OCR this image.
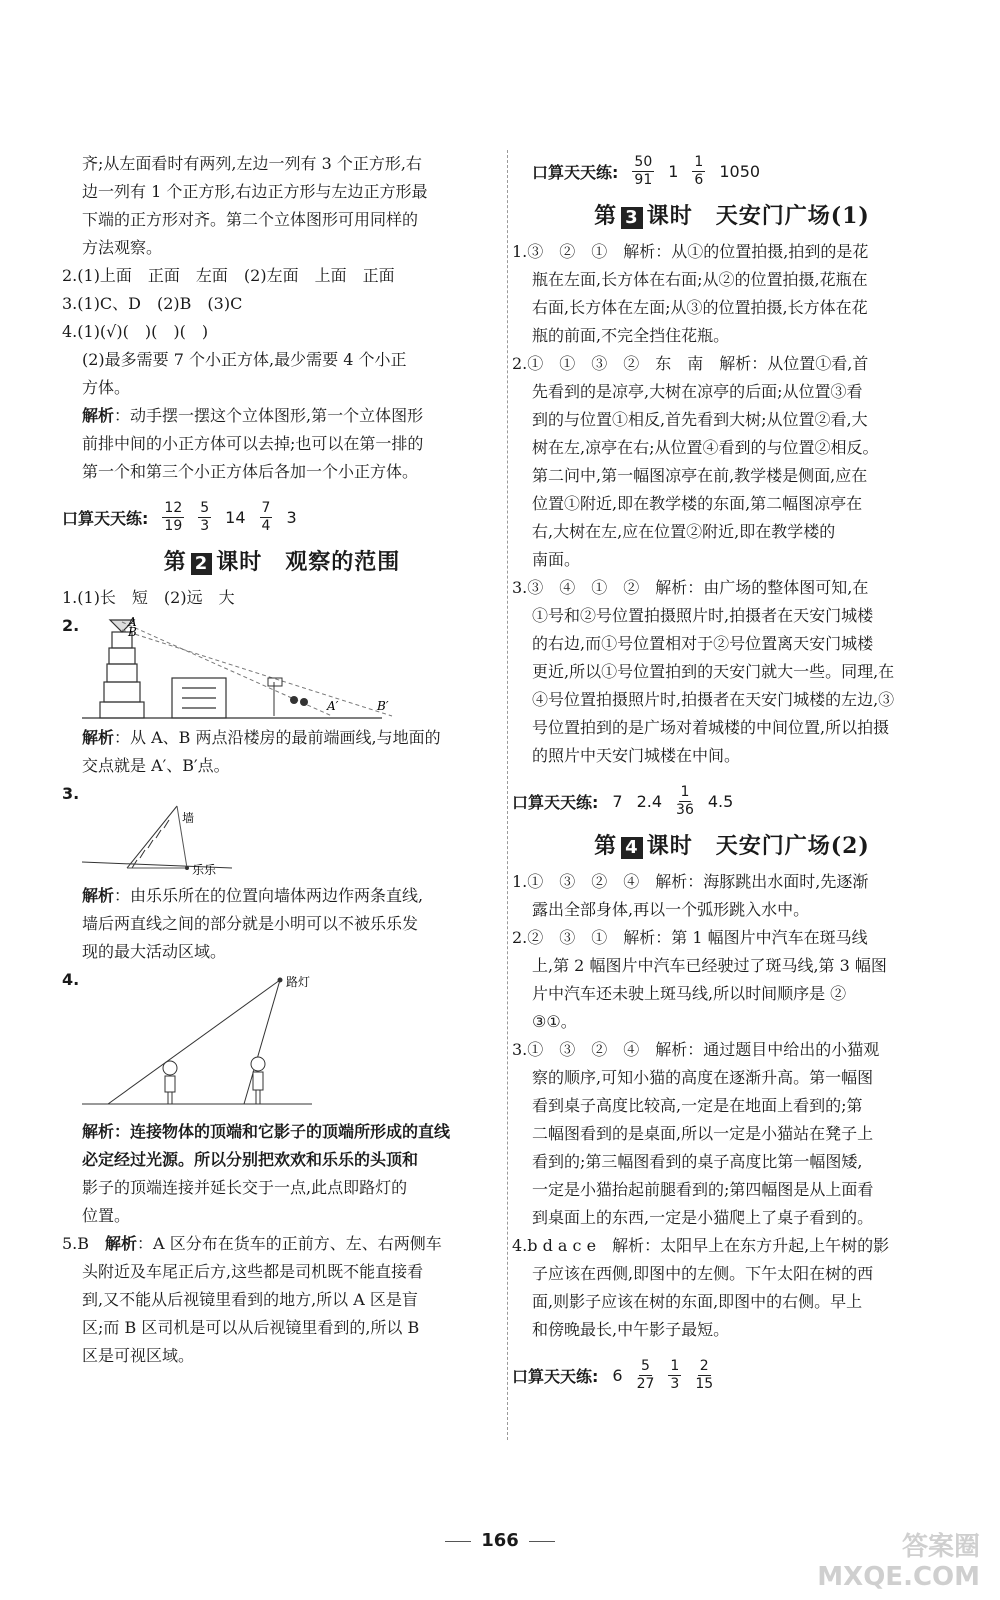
齐;从左面看时有两列,左边一列有 3 个正方形,右

边一列有 1 个正方形,右边正方形与左边正方形最

下端的正方形对齐。第二个立体图形可用同样的

方法观察。

2.(1)上面　正面　左面　(2)左面　上面　正面

3.(1)C、D　(2)B　(3)C

4.(1)(√)(　)(　)(　)

(2)最多需要 7 个小正方体,最少需要 4 个小正

方体。

解析：动手摆一摆这个立体图形,第一个立体图形

前排中间的小正方体可以去掉;也可以在第一排的

第一个和第三个小正方体后各加一个小正方体。

口算天天练: $\frac{12}{19} \frac{5}{3} 14 \frac{7}{4} 3$
第 2 课时　观察的范围

1.(1)长　短　(2)远　大

2.	A
B
A′	B′

解析：从 A、B 两点沿楼房的最前端画线,与地面的

交点就是 A′、B′点。

3.

墙
乐乐

解析：由乐乐所在的位置向墙体两边作两条直线,

墙后两直线之间的部分就是小明可以不被乐乐发

现的最大活动区域。

4.	路灯

解析：连接物体的顶端和它影子的顶端所形成的直线

必定经过光源。所以分别把欢欢和乐乐的头顶和

影子的顶端连接并延长交于一点,此点即路灯的

位置。

5.B　解析：A 区分布在货车的正前方、左、右两侧车

头附近及车尾正后方,这些都是司机既不能直接看

到,又不能从后视镜里看到的地方,所以 A 区是盲

区;而 B 区司机是可以从后视镜里看到的,所以 B

区是可视区域。

口算天天练: $\frac{50}{91} 1 \frac{1}{6} 1050$
第 3 课时　天安门广场(1)

1.③　②　①　解析：从①的位置拍摄,拍到的是花

瓶在左面,长方体在右面;从②的位置拍摄,花瓶在

右面,长方体在左面;从③的位置拍摄,长方体在花

瓶的前面,不完全挡住花瓶。

2.①　①　③　②　东　南　解析：从位置①看,首

先看到的是凉亭,大树在凉亭的后面;从位置③看

到的与位置①相反,首先看到大树;从位置②看,大

树在左,凉亭在右;从位置④看到的与位置②相反。

第二问中,第一幅图凉亭在前,教学楼是侧面,应在

位置①附近,即在教学楼的东面,第二幅图凉亭在

右,大树在左,应在位置②附近,即在教学楼的

南面。

3.③　④　①　②　解析：由广场的整体图可知,在

①号和②号位置拍摄照片时,拍摄者在天安门城楼

的右边,而①号位置相对于②号位置离天安门城楼

更近,所以①号位置拍到的天安门就大一些。同理,在

④号位置拍摄照片时,拍摄者在天安门城楼的左边,③

号位置拍到的是广场对着城楼的中间位置,所以拍摄

的照片中天安门城楼在中间。

口算天天练: 7 $2.4 \frac{1}{36} 4.5$
第 4 课时　天安门广场(2)

1.①　③　②　④　解析：海豚跳出水面时,先逐渐

露出全部身体,再以一个弧形跳入水中。

2.②　③　①　解析：第 1 幅图片中汽车在斑马线

上,第 2 幅图片中汽车已经驶过了斑马线,第 3 幅图

片中汽车还未驶上斑马线,所以时间顺序是 ②

③①。

3.①　③　②　④　解析：通过题目中给出的小猫观

察的顺序,可知小猫的高度在逐渐升高。第一幅图

看到桌子高度比较高,一定是在地面上看到的;第

二幅图看到的是桌面,所以一定是小猫站在凳子上

看到的;第三幅图看到的桌子高度比第一幅图矮,

一定是小猫抬起前腿看到的;第四幅图是从上面看

到桌面上的东西,一定是小猫爬上了桌子看到的。

4.b d a c e　解析：太阳早上在东方升起,上午树的影

子应该在西侧,即图中的左侧。下午太阳在树的西

面,则影子应该在树的东面,即图中的右侧。早上

和傍晚最长,中午影子最短。

口算天天练: $6 \frac{5}{27} \frac{1}{3} \frac{2}{15}$
166	答案圈
MXQE.COM
